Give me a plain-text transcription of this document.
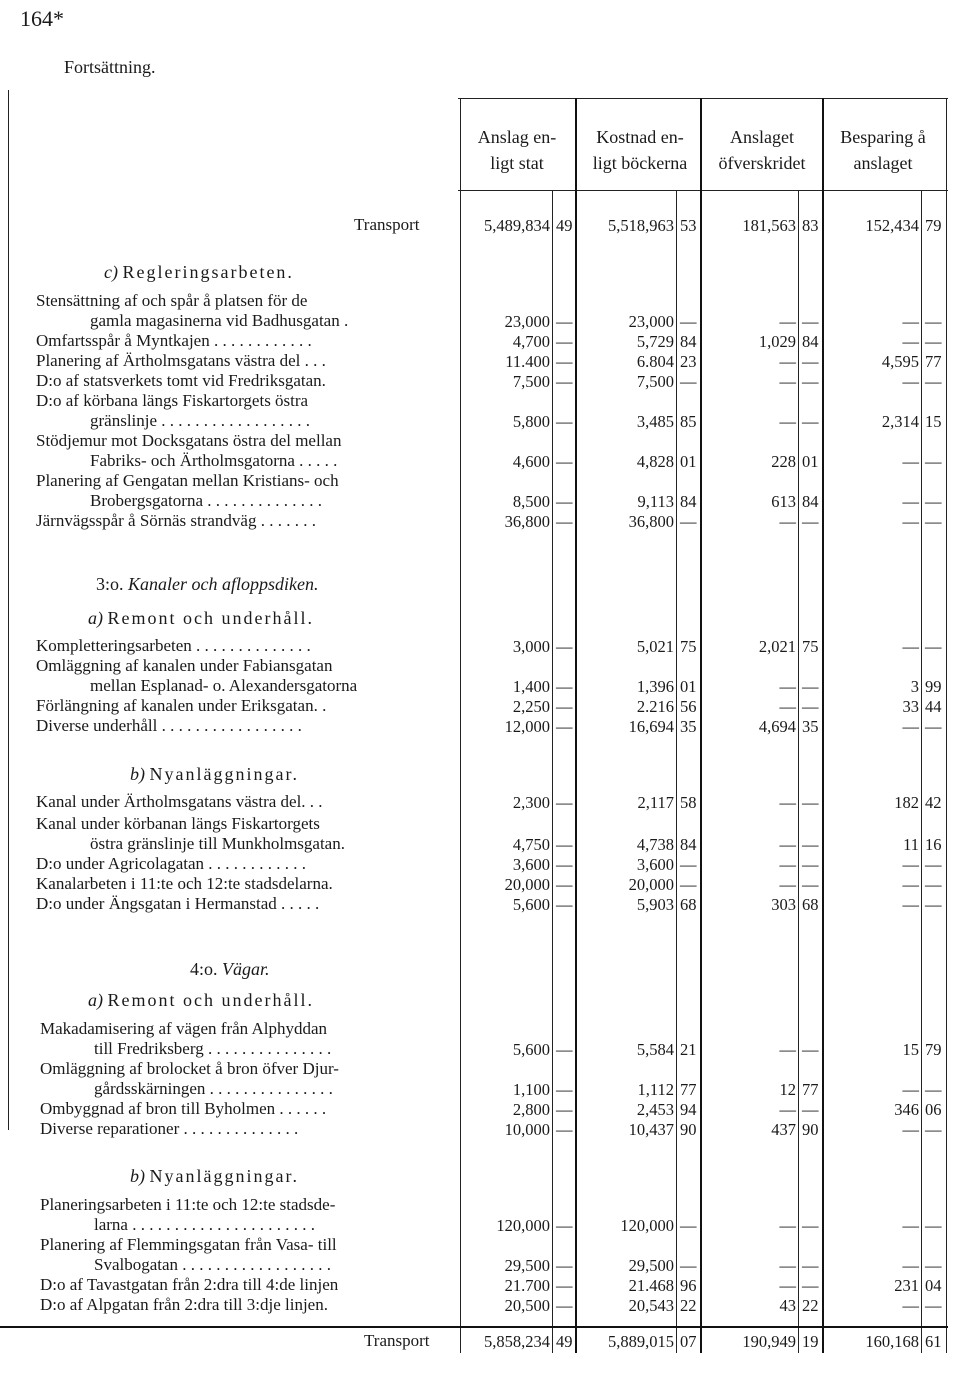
164*
Fortsättning.
Anslag en-
ligt stat
Kostnad en-
ligt böckerna
Anslaget
öfverskridet
Besparing å
anslaget
Transport	5,489,834 49 5,518,963 53	181,563 83	152,434 79
c) Regleringsarbeten.
3:o. Kanaler och afloppsdiken.
a) Remont och underhåll.
b) Nyanläggningar.
4:o. Vägar.
a) Remont och underhåll.
b) Nyanläggningar.
Stensättning af och spår å platsen för de
gamla magasinerna vid Badhusgatan .	23,000 —	23,000 —	— —	— —
Omfartsspår å Myntkajen . . . . . . . . . . . .	4,700 —	5,729 84	1,029 84	— —
Planering af Ärtholmsgatans västra del . . .	11.400 —	6.804 23	— —	4,595 77
D:o af statsverkets tomt vid Fredriksgatan.	7,500 —	7,500 —	— —	— —
D:o af körbana längs Fiskartorgets östra
gränslinje . . . . . . . . . . . . . . . . . .	5,800 —	3,485 85	— —	2,314 15
Stödjemur mot Docksgatans östra del mellan
Fabriks- och Ärtholmsgatorna . . . . .	4,600 —	4,828 01	228 01	— —
Planering af Gengatan mellan Kristians- och
Brobergsgatorna . . . . . . . . . . . . . .	8,500 —	9,113 84	613 84	— —
Järnvägsspår å Sörnäs strandväg . . . . . . .	36,800 —	36,800 —	— —	— —
Kompletteringsarbeten . . . . . . . . . . . . . .	3,000 —	5,021 75	2,021 75	— —
Omläggning af kanalen under Fabiansgatan
mellan Esplanad- o. Alexandersgatorna	1,400 —	1,396 01	— —	3 99
Förlängning af kanalen under Eriksgatan. .	2,250 —	2.216 56	— —	33 44
Diverse underhåll . . . . . . . . . . . . . . . . .	12,000 —	16,694 35	4,694 35	— —
Kanal under Ärtholmsgatans västra del. . .	2,300 —	2,117 58	— —	182 42
Kanal under körbanan längs Fiskartorgets
östra gränslinje till Munkholmsgatan.	4,750 —	4,738 84	— —	11 16
D:o under Agricolagatan . . . . . . . . . . . .	3,600 —	3,600 —	— —	— —
Kanalarbeten i 11:te och 12:te stadsdelarna.	20,000 —	20,000 —	— —	— —
D:o under Ängsgatan i Hermanstad . . . . .	5,600 —	5,903 68	303 68	— —
Makadamisering af vägen från Alphyddan
till Fredriksberg . . . . . . . . . . . . . . .	5,600 —	5,584 21	— —	15 79
Omläggning af brolocket å bron öfver Djur-
gårdsskärningen . . . . . . . . . . . . . . .	1,100 —	1,112 77	12 77	— —
Ombyggnad af bron till Byholmen . . . . . .	2,800 —	2,453 94	— —	346 06
Diverse reparationer . . . . . . . . . . . . . .	10,000 —	10,437 90	437 90	— —
Planeringsarbeten i 11:te och 12:te stadsde-
larna . . . . . . . . . . . . . . . . . . . . . .	120,000 —	120,000 —	— —	— —
Planering af Flemmingsgatan från Vasa- till
Svalbogatan . . . . . . . . . . . . . . . . . .	29,500 —	29,500 —	— —	— —
D:o af Tavastgatan från 2:dra till 4:de linjen	21.700 —	21.468 96	— —	231 04
D:o af Alpgatan från 2:dra till 3:dje linjen.	20,500 —	20,543 22	43 22	— —
Transport	5,858,234 49 5,889,015 07	190,949 19	160,168 61
